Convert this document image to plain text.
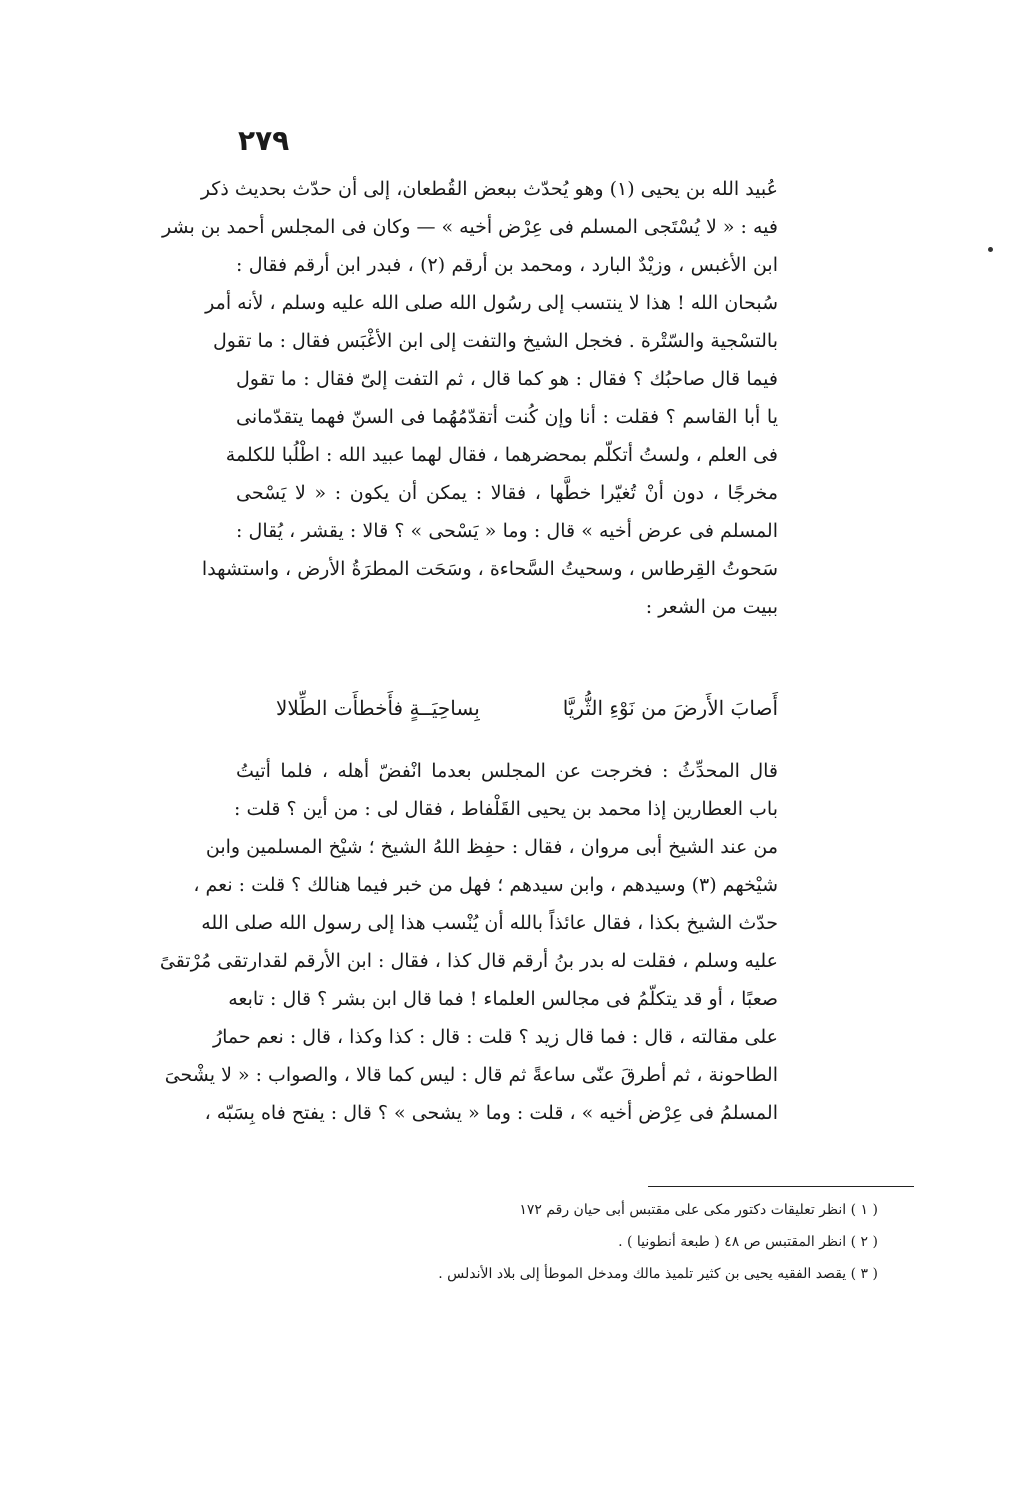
٢٧٩
عُبيد الله بن يحيى (١) وهو يُحدّث ببعض القُطعان، إلى أن حدّث بحديث ذكر
فيه : « لا يُسْتَجى المسلم فى عِرْض أخيه » — وكان فى المجلس أحمد بن بشر
ابن الأغبس ، وزيْدٌ البارد ، ومحمد بن أرقم (٢) ، فبدر ابن أرقم فقال :
سُبحان الله ! هذا لا ينتسب إلى رسُول الله صلى الله عليه وسلم ، لأنه أمر
بالتسْجية والسّتْرة . فخجل الشيخ والتفت إلى ابن الأغْبَس فقال : ما تقول
فيما قال صاحبُك ؟ فقال : هو كما قال ، ثم التفت إلىّ فقال : ما تقول
يا أبا القاسم ؟ فقلت : أنا وإن كُنت أتقدّمُهُما فى السنّ فهما يتقدّمانى
فى العلم ، ولستُ أتكلّم بمحضرهما ، فقال لهما عبيد الله : اطْلُبا للكلمة
مخرجًا ، دون أنْ تُغيّرا خطَّها ، فقالا : يمكن أن يكون : « لا يَسْحى
المسلم فى عرض أخيه » قال : وما « يَسْحى » ؟ قالا : يقشر ، يُقال :
سَحوتُ القِرطاس ، وسحيتُ السَّحاءة ، وسَحَت المطرَةُ الأرض ، واستشهدا
ببيت من الشعر :
أَصابَ الأَرضَ من نَوْءِ الثُّريَّا
بِساحِيَــةٍ فأَخطأَت الطِّلالا
قال المحدِّثُ : فخرجت عن المجلس بعدما انْفضّ أهله ، فلما أتيتُ
باب العطارين إذا محمد بن يحيى القَلْفاط ، فقال لى : من أين ؟ قلت :
من عند الشيخ أبى مروان ، فقال : حفِظ اللهُ الشيخ ؛ شيْخ المسلمين وابن
شيْخهم (٣) وسيدهم ، وابن سيدهم ؛ فهل من خبر فيما هنالك ؟ قلت : نعم ،
حدّث الشيخ بكذا ، فقال عائذاً بالله أن يُنْسب هذا إلى رسول الله صلى الله
عليه وسلم ، فقلت له بدر بنُ أرقم قال كذا ، فقال : ابن الأرقم لقدارتقى مُرْتقىً
صعبًا ، أو قد يتكلّمُ فى مجالس العلماء ! فما قال ابن بشر ؟ قال : تابعه
على مقالته ، قال : فما قال زيد ؟ قلت : قال : كذا وكذا ، قال : نعم حمارُ
الطاحونة ، ثم أطرقَ عنّى ساعةً ثم قال : ليس كما قالا ، والصواب : « لا يشْحىَ
المسلمُ فى عِرْض أخيه » ، قلت : وما « يشحى » ؟ قال : يفتح فاه بِسَبّه ،
( ١ ) انظر تعليقات دكتور مكى على مقتبس أبى حيان رقم ١٧٢
( ٢ ) انظر المقتبس ص ٤٨ ( طبعة أنطونيا ) .
( ٣ ) يقصد الفقيه يحيى بن كثير تلميذ مالك ومدخل الموطأ إلى بلاد الأندلس .
